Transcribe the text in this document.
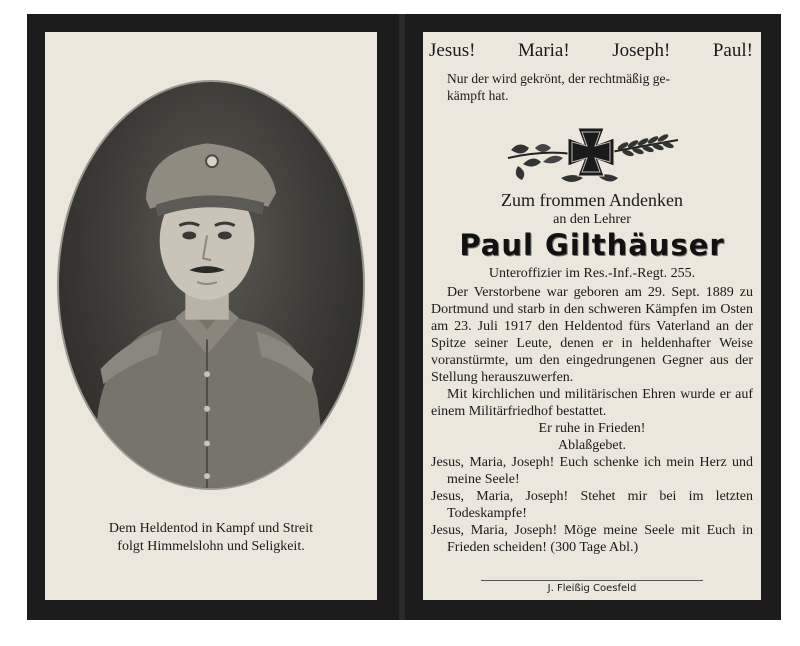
Dem Heldentod in Kampf und Streit
folgt Himmelslohn und Seligkeit.
Jesus! Maria! Joseph! Paul!
Nur der wird gekrönt, der rechtmäßig ge-
kämpft hat.
Zum frommen Andenken
an den Lehrer
Paul Gilthäuser
Unteroffizier im Res.-Inf.-Regt. 255.

Der Verstorbene war geboren am 29. Sept. 1889 zu Dortmund und starb in den schweren Kämpfen im Osten am 23. Juli 1917 den Heldentod fürs Vaterland an der Spitze seiner Leute, denen er in heldenhafter Weise voranstürmte, um den eingedrungenen Gegner aus der Stellung herauszuwerfen.

Mit kirchlichen und militärischen Ehren wurde er auf einem Militärfriedhof bestattet.

Er ruhe in Frieden!

Ablaßgebet.

Jesus, Maria, Joseph! Euch schenke ich mein Herz und meine Seele!

Jesus, Maria, Joseph! Stehet mir bei im letzten Todeskampfe!

Jesus, Maria, Joseph! Möge meine Seele mit Euch in Frieden scheiden! (300 Tage Abl.)

J. Fleißig Coesfeld
